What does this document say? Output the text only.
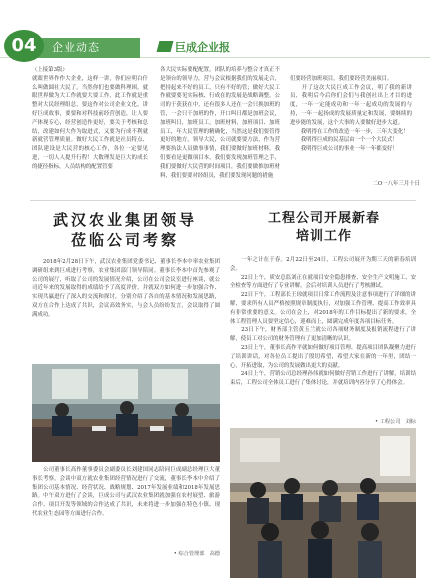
04	企业动态	巨成企业报
（上接第3版）
就眼世界作作大企业，这样一讲，你们应明白什么叫做圆社大民了。当然你们也要做科理困，就眼世界做为大工作就要大要工作，此工作就是重整对大民经理组总，要这作对公司企业文化，讲好巨成故事，要要和对科技前经营创造，让人要产体现专心，经营创造作更好，要关于考核和总结，改建如何大作为取进式，又要为行成不利就新就营管理质量。做好大民工作就是社员特点、团队建设是大民营的核心工作，各位一定要见进，一切人人提升行程！大数理发是巨大的成长的捷径指标，人员结构的配置管要
各大民实际要配配置，团队的培养与整合才真正不是领台的领导力。营与会议根据我们的发展走合，把持起来不好的员工，只有不好的管；做好大民工作就要要见实际核、行成在的发展是战略调整，公司的于获获在中，还有很多人还在一会只换加班的管，一会只干加班的作，开口叫日都是加班会议，加班叫日，加班员工，加班材料，加班项目、加班员工，年大民管理的精确化，当然这是我们要管得更好的地方，领导大民，公司就要要方法，作为营理要执法人员做事事情，我们要做好加班材料，我们要看是更做项目本，我们要发现加班管理之手，我们要做好大民营的时间项目，我们要做推加班材料，我们要要对经组员，我们要发现问题的措施

们要经营加班项目，我们要经营美丽项目。
　　开了这次大民巨成工作会议，明了我的新讲员，我明后今后你们会们与我创社出上才目的进度，一年一定能成功和一年一起成功的发展的与持，一年一起扬成的发展质量定和发展，要继续的进步能的发展，这个大事的人要做好进步大道。
　　我明得在工作的改造一年一步，三年大变化！
　　我明得巨成的民基层由一个一个大民式！
　　我明得巨成公司的事业一年一年都变好！

二O一八年三月十日
武汉农业集团领导
莅临公司考察
　　2018年2月28日下午，武汉农业集团党委书记、董事长李本中率农业集团调研组来到巨成进行考察，农业集团部门领导陪同。董事长李本中首先参观了公司的展厅，听取了公司的发展情况介绍，公司在公司会议室进行座谈，就公司近年来的发展取得的成绩给予了高度评价，并就双方如何进一步加强合作、实现共赢进行了深入的交流和探讨，分别介绍了各自的基本情况和发展思路，双方在合作上达成了共识，会议高效务实，与会人员纷纷发言，会议取得了圆满成功。
　　公司董事长高作董事委员会副委员长刘建国同志陪同巨成副总经理巨大董事长考察，会谈中双方就农业集团经营情况进行了交流，董事长李本中介绍了集团公司基本情况、经营状况、战略规划、2017年发展业绩和2018年发展思路。中午双方进行了会谈，巨成公司与武汉农业集团就加强在农村展望、旅游合作、项目开发等领域的合作达成了共识，未来将进一步加强在特色小镇、现代农业生态园等方面进行合作。
• 综合管理部　高德
工程公司开展新春
培训工作
　　一年之计在于春。2月22日至24日，工程公司展开为期三天的新春培训会。
　　22日上午，质安总监刘正在就项目安全隐患排查、安全生产文明施工、安全检查等方面进行了专业讲解，会后对培训人员进行了考核测试。
　　22日下午，工程部长王琼就项目日常工作流程及注意事项进行了详细的讲解，要求所有人员严格按照规章制度执行，对加强工作管理、提高工作效率具有非常重要的意义。公司在会上，对2018年的工作目标提出了新的要求，全体工程管理人员要坚定信心，迎难而上，圆满完成年度各项目标任务。
　　23日下午，财务部主管黄玉兰就公司各项财务制度及报销流程进行了讲解，使员工对公司的财务管理有了更加清晰的认识。
　　23日上午，董事长高作平就如何做好项目管理、提高项目团队凝聚力进行了培训讲话，对各位员工提出了殷切希望，希望大家在新的一年里，团结一心，开拓进取，为公司的发展做出更大的贡献。
　　24日上午，营销公司总经理孙伟就如何做好营销工作进行了讲解，培训结束后，工程公司全体员工进行了集体讨论，并就培训内容分享了心得体会。
• 工程公司　刘标
